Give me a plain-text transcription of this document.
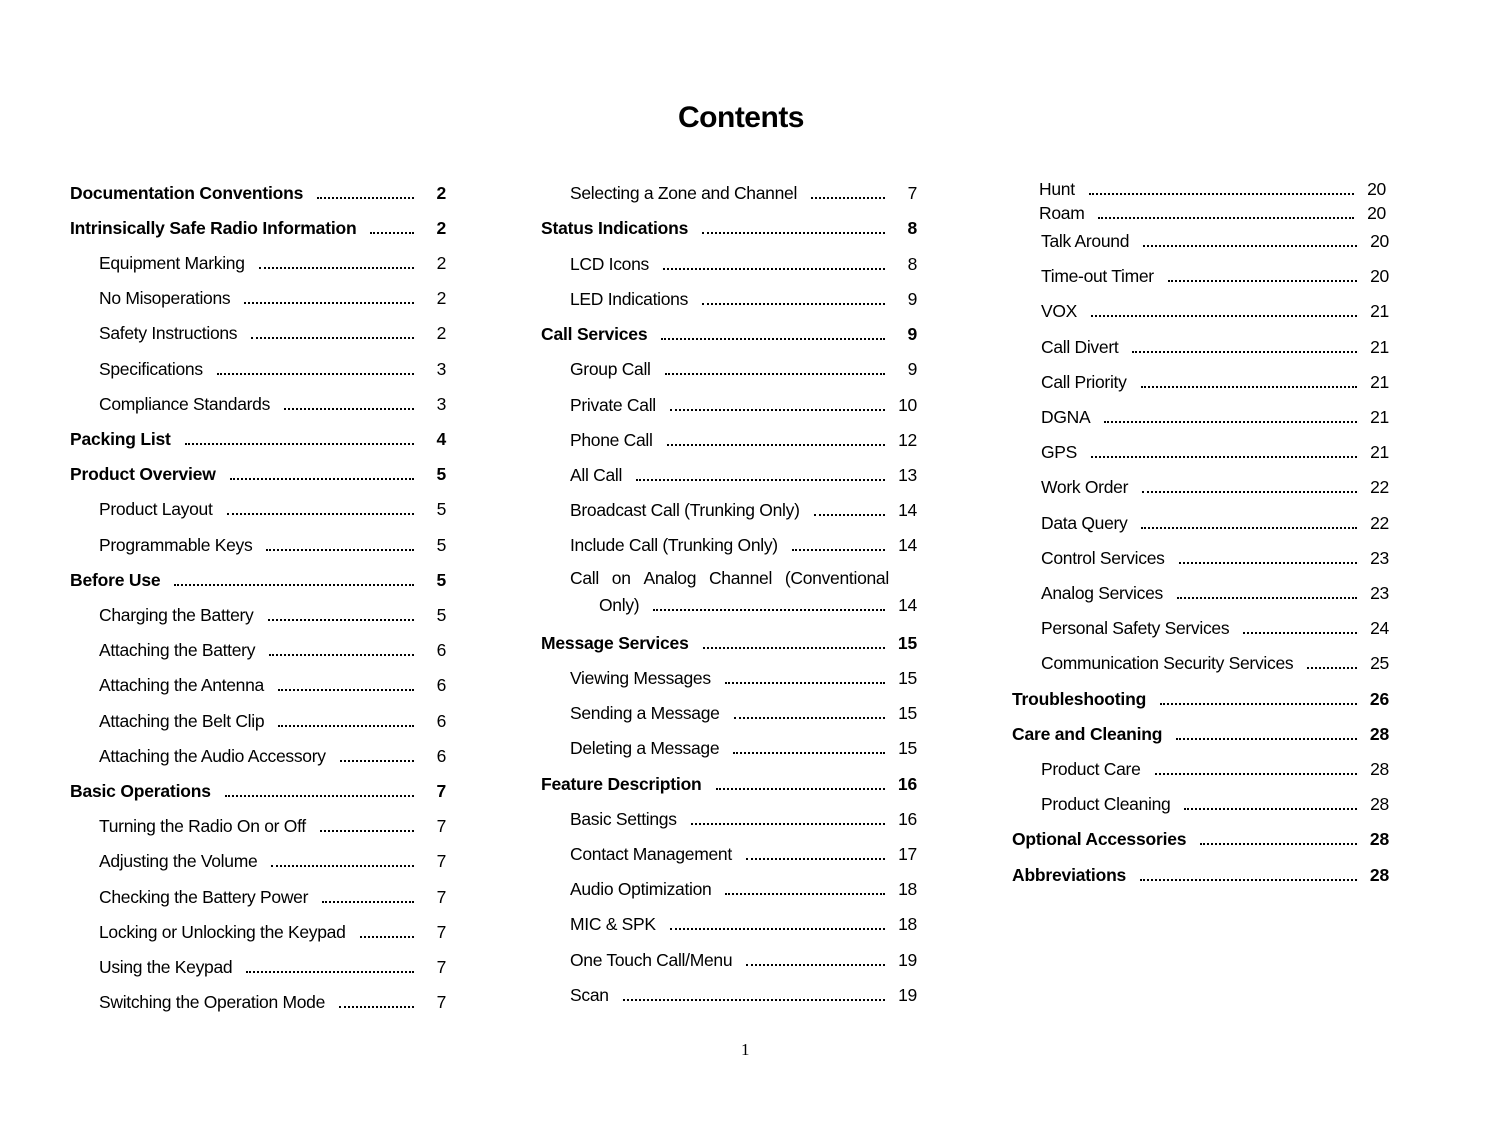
Contents
Documentation Conventions	2
Intrinsically Safe Radio Information	2
Equipment Marking	2
No Misoperations	2
Safety Instructions	2
Specifications	3
Compliance Standards	3
Packing List	4
Product Overview	5
Product Layout	5
Programmable Keys	5
Before Use	5
Charging the Battery	5
Attaching the Battery	6
Attaching the Antenna	6
Attaching the Belt Clip	6
Attaching the Audio Accessory	6
Basic Operations	7
Turning the Radio On or Off	7
Adjusting the Volume	7
Checking the Battery Power	7
Locking or Unlocking the Keypad	7
Using the Keypad	7
Switching the Operation Mode	7
Selecting a Zone and Channel	7
Status Indications	8
LCD Icons	8
LED Indications	9
Call Services	9
Group Call	9
Private Call	10
Phone Call	12
All Call	13
Broadcast Call (Trunking Only)	14
Include Call (Trunking Only)	14
Call on Analog Channel (Conventional
Only)	14
Message Services	15
Viewing Messages	15
Sending a Message	15
Deleting a Message	15
Feature Description	16
Basic Settings	16
Contact Management	17
Audio Optimization	18
MIC & SPK	18
One Touch Call/Menu	19
Scan	19
Hunt	20
Roam	20
Talk Around	20
Time-out Timer	20
VOX	21
Call Divert	21
Call Priority	21
DGNA	21
GPS	21
Work Order	22
Data Query	22
Control Services	23
Analog Services	23
Personal Safety Services	24
Communication Security Services	25
Troubleshooting	26
Care and Cleaning	28
Product Care	28
Product Cleaning	28
Optional Accessories	28
Abbreviations	28
1
